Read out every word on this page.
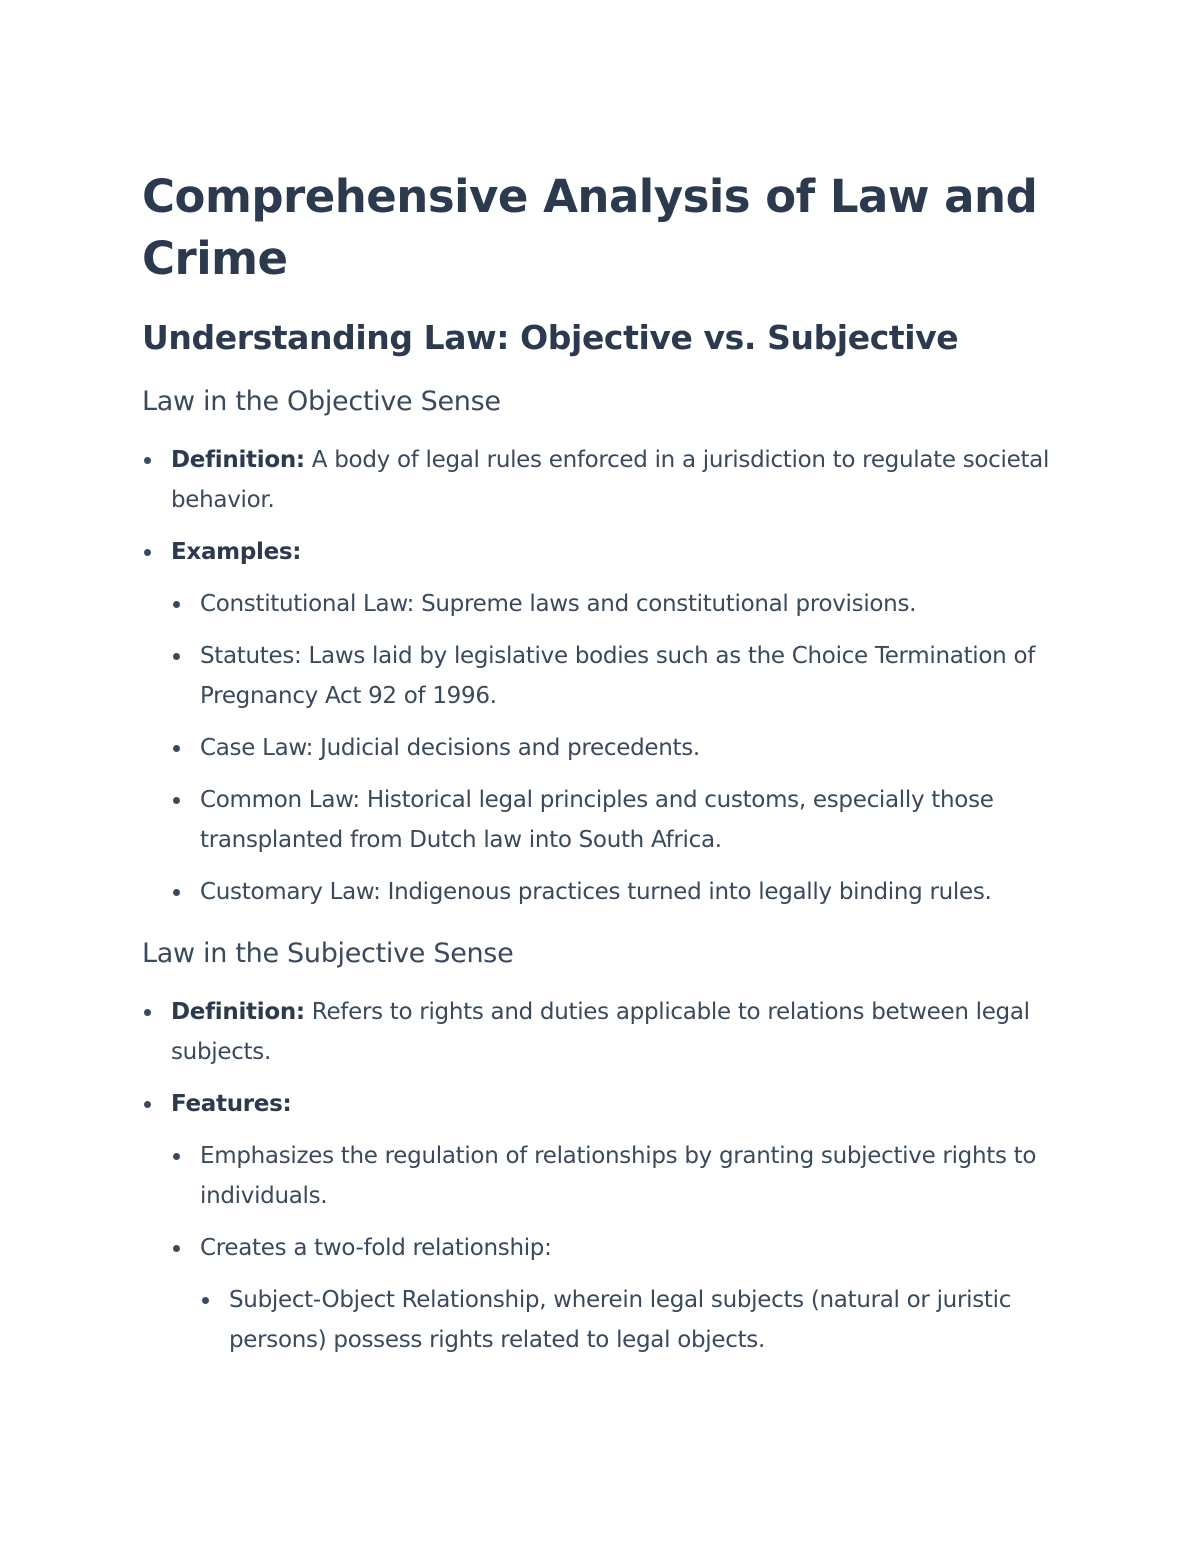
Comprehensive Analysis of Law and Crime
Understanding Law: Objective vs. Subjective
Law in the Objective Sense
Definition: A body of legal rules enforced in a jurisdiction to regulate societal behavior.
Examples:
Constitutional Law: Supreme laws and constitutional provisions.
Statutes: Laws laid by legislative bodies such as the Choice Termination of Pregnancy Act 92 of 1996.
Case Law: Judicial decisions and precedents.
Common Law: Historical legal principles and customs, especially those transplanted from Dutch law into South Africa.
Customary Law: Indigenous practices turned into legally binding rules.
Law in the Subjective Sense
Definition: Refers to rights and duties applicable to relations between legal subjects.
Features:
Emphasizes the regulation of relationships by granting subjective rights to individuals.
Creates a two-fold relationship:
Subject-Object Relationship, wherein legal subjects (natural or juristic persons) possess rights related to legal objects.
